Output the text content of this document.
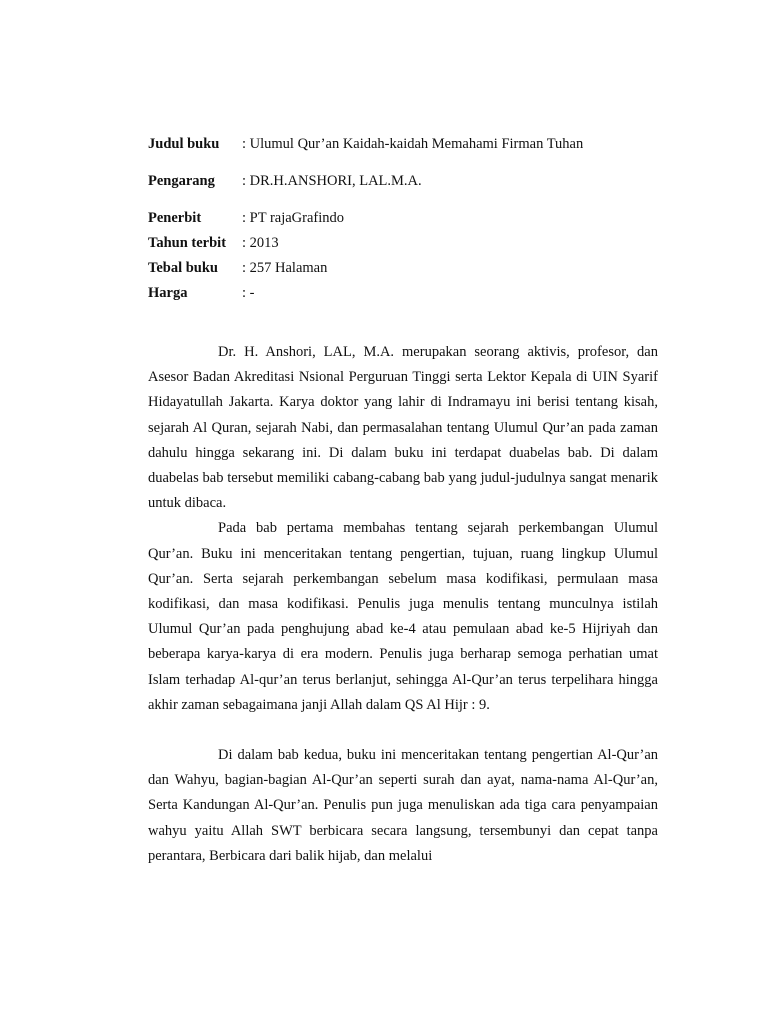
Judul buku	: Ulumul Qur’an Kaidah-kaidah Memahami Firman Tuhan
Pengarang	: DR.H.ANSHORI, LAL.M.A.
Penerbit	: PT rajaGrafindo
Tahun terbit	: 2013
Tebal buku	: 257 Halaman
Harga	: -

Dr. H. Anshori, LAL, M.A. merupakan seorang aktivis, profesor, dan Asesor Badan Akreditasi Nsional Perguruan Tinggi serta Lektor Kepala di UIN Syarif Hidayatullah Jakarta. Karya doktor yang lahir di Indramayu ini berisi tentang kisah, sejarah Al Quran, sejarah Nabi, dan permasalahan tentang Ulumul Qur’an pada zaman dahulu hingga sekarang ini. Di dalam buku ini terdapat duabelas bab. Di dalam duabelas bab tersebut memiliki cabang-cabang bab yang judul-judulnya sangat menarik untuk dibaca.

Pada bab pertama membahas tentang sejarah perkembangan Ulumul Qur’an. Buku ini menceritakan tentang pengertian, tujuan, ruang lingkup Ulumul Qur’an. Serta sejarah perkembangan sebelum masa kodifikasi, permulaan masa kodifikasi, dan masa kodifikasi. Penulis juga menulis tentang munculnya istilah Ulumul Qur’an pada penghujung abad ke-4 atau pemulaan abad ke-5 Hijriyah dan beberapa karya-karya di era modern. Penulis juga berharap semoga perhatian umat Islam terhadap Al-qur’an terus berlanjut, sehingga Al-Qur’an terus terpelihara hingga akhir zaman sebagaimana janji Allah dalam QS Al Hijr : 9.

Di dalam bab kedua, buku ini menceritakan tentang pengertian Al-Qur’an dan Wahyu, bagian-bagian Al-Qur’an seperti surah dan ayat, nama-nama Al-Qur’an, Serta Kandungan Al-Qur’an. Penulis pun juga menuliskan ada tiga cara penyampaian wahyu yaitu Allah SWT berbicara secara langsung, tersembunyi dan cepat tanpa perantara, Berbicara dari balik hijab, dan melalui
